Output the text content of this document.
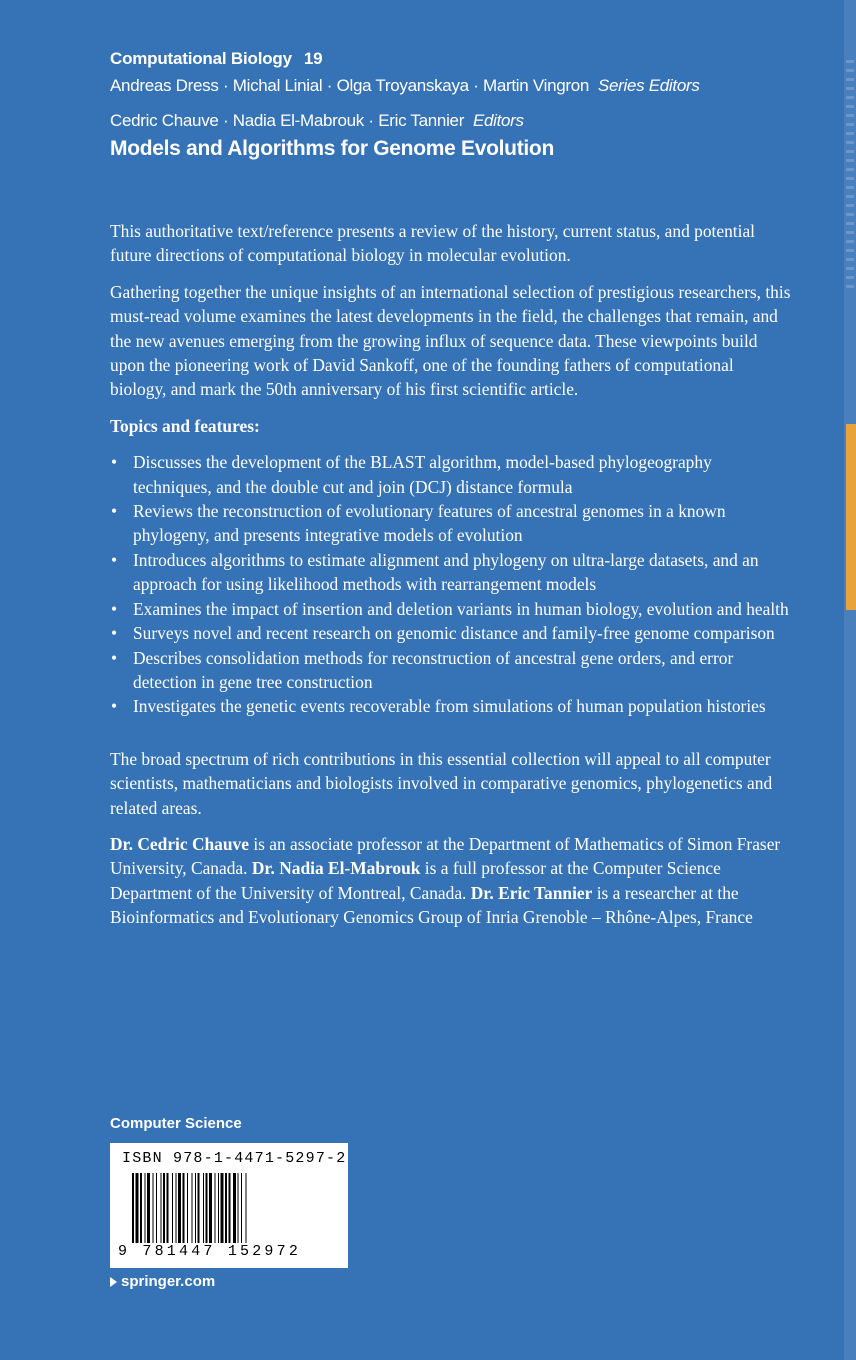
Computational Biology 19
Andreas Dress · Michal Linial · Olga Troyanskaya · Martin Vingron Series Editors
Cedric Chauve · Nadia El-Mabrouk · Eric Tannier Editors
Models and Algorithms for Genome Evolution

This authoritative text/reference presents a review of the history, current status, and potential future directions of computational biology in molecular evolution.

Gathering together the unique insights of an international selection of prestigious researchers, this must-read volume examines the latest developments in the field, the challenges that remain, and the new avenues emerging from the growing influx of sequence data. These viewpoints build upon the pioneering work of David Sankoff, one of the founding fathers of computational biology, and mark the 50th anniversary of his first scientific article.

Topics and features:

• Discusses the development of the BLAST algorithm, model-based phylogeography techniques, and the double cut and join (DCJ) distance formula
• Reviews the reconstruction of evolutionary features of ancestral genomes in a known phylogeny, and presents integrative models of evolution
• Introduces algorithms to estimate alignment and phylogeny on ultra-large datasets, and an approach for using likelihood methods with rearrangement models
• Examines the impact of insertion and deletion variants in human biology, evolution and health
• Surveys novel and recent research on genomic distance and family-free genome comparison
• Describes consolidation methods for reconstruction of ancestral gene orders, and error detection in gene tree construction
• Investigates the genetic events recoverable from simulations of human population histories

The broad spectrum of rich contributions in this essential collection will appeal to all computer scientists, mathematicians and biologists involved in comparative genomics, phylogenetics and related areas.

Dr. Cedric Chauve is an associate professor at the Department of Mathematics of Simon Fraser University, Canada. Dr. Nadia El-Mabrouk is a full professor at the Computer Science Department of the University of Montreal, Canada. Dr. Eric Tannier is a researcher at the Bioinformatics and Evolutionary Genomics Group of Inria Grenoble – Rhône-Alpes, France

Computer Science
ISBN 978-1-4471-5297-2
9 781447 152972
springer.com
